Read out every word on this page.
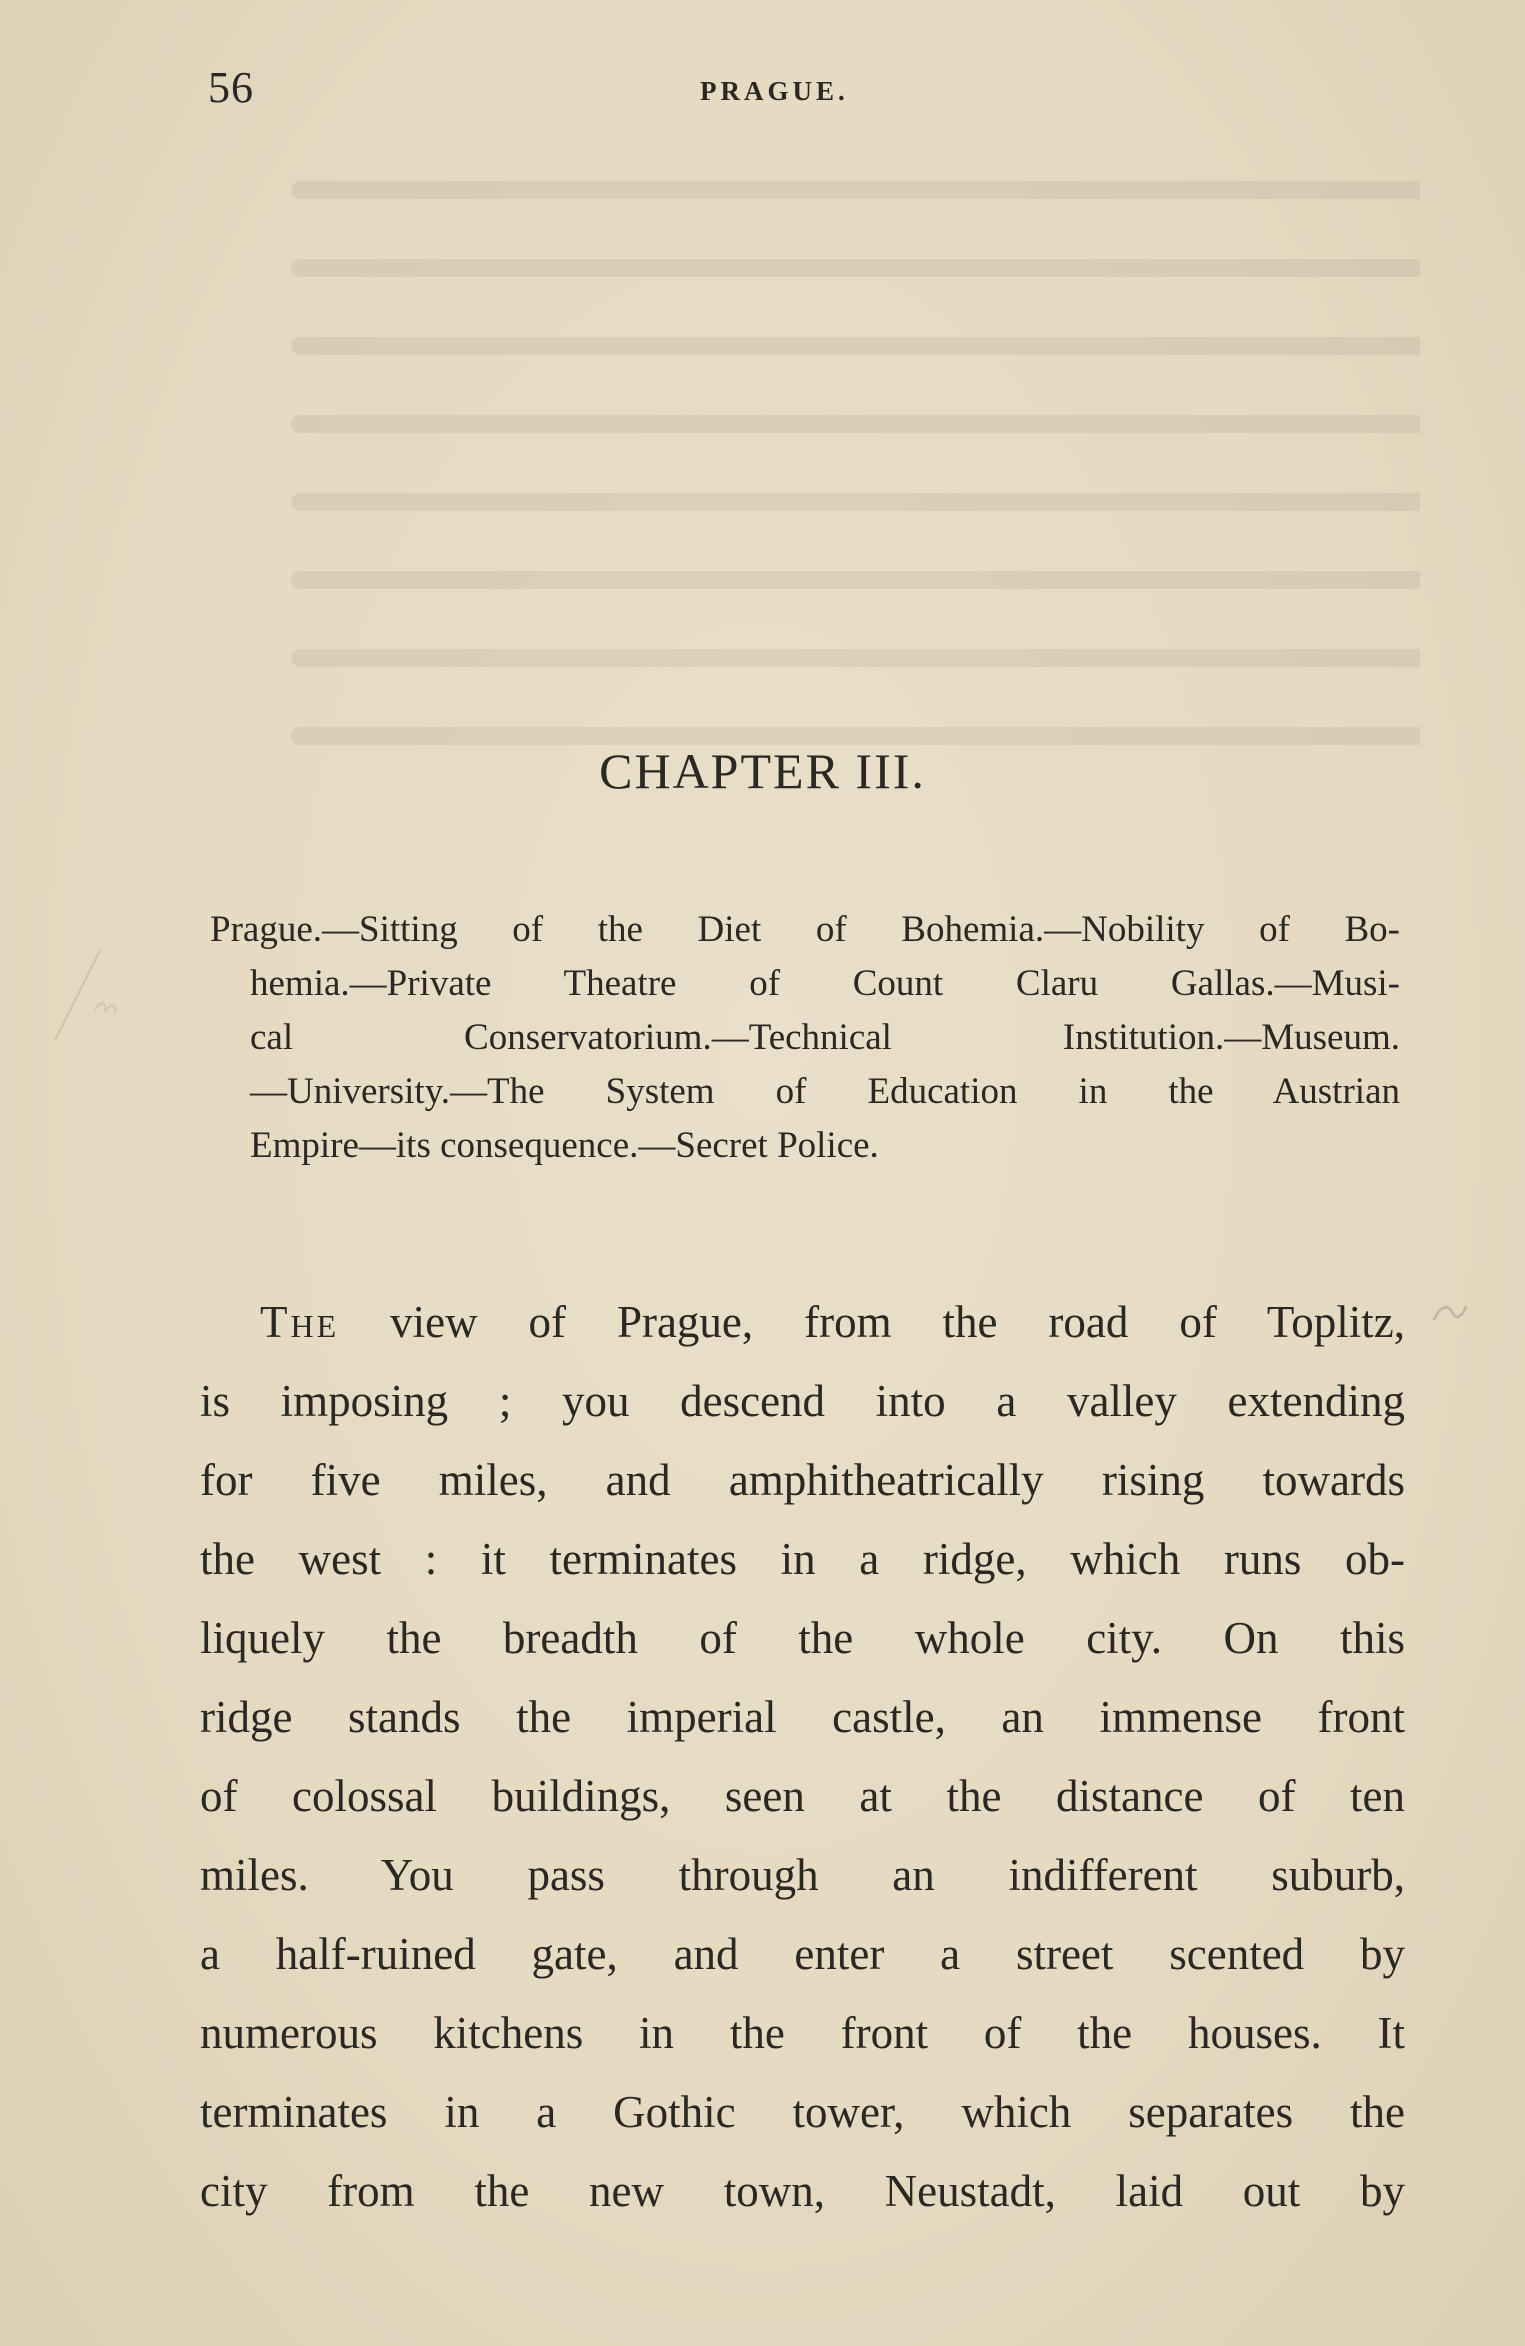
56	PRAGUE.
CHAPTER III.
Prague.—Sitting of the Diet of Bohemia.—Nobility of Bo-
hemia.—Private Theatre of Count Claru Gallas.—Musi-
cal Conservatorium.—Technical Institution.—Museum.
—University.—The System of Education in the Austrian
Empire—its consequence.—Secret Police.
The view of Prague, from the road of Toplitz,
is imposing ; you descend into a valley extending
for five miles, and amphitheatrically rising towards
the west : it terminates in a ridge, which runs ob-
liquely the breadth of the whole city. On this
ridge stands the imperial castle, an immense front
of colossal buildings, seen at the distance of ten
miles. You pass through an indifferent suburb,
a half-ruined gate, and enter a street scented by
numerous kitchens in the front of the houses. It
terminates in a Gothic tower, which separates the
city from the new town, Neustadt, laid out by
